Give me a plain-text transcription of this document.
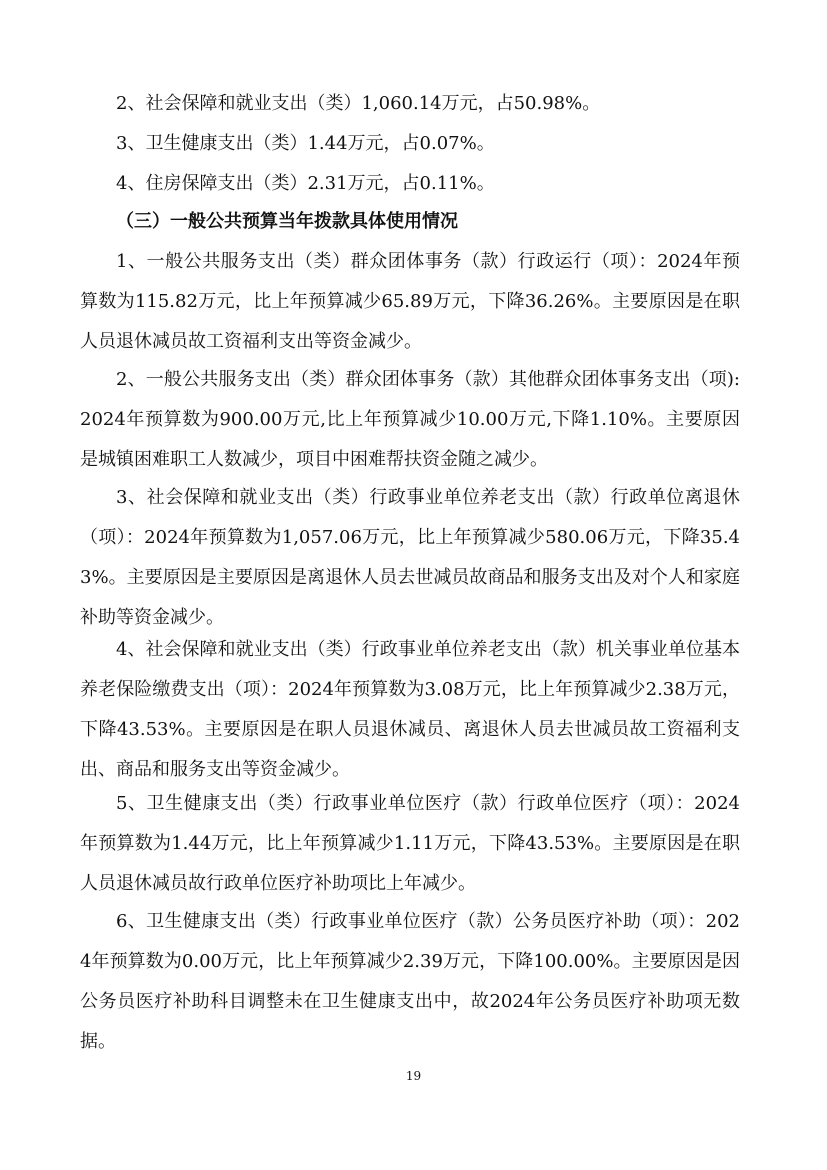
2、社会保障和就业支出（类）1,060.14万元，占50.98%。

3、卫生健康支出（类）1.44万元，占0.07%。

4、住房保障支出（类）2.31万元，占0.11%。

（三）一般公共预算当年拨款具体使用情况

1、一般公共服务支出（类）群众团体事务（款）行政运行（项）：2024年预算数为115.82万元，比上年预算减少65.89万元，下降36.26%。主要原因是在职人员退休减员故工资福利支出等资金减少。

2、一般公共服务支出（类）群众团体事务（款）其他群众团体事务支出（项):2024年预算数为900.00万元,比上年预算减少10.00万元,下降1.10%。主要原因是城镇困难职工人数减少，项目中困难帮扶资金随之减少。

3、社会保障和就业支出（类）行政事业单位养老支出（款）行政单位离退休（项）：2024年预算数为1,057.06万元，比上年预算减少580.06万元，下降35.43%。主要原因是主要原因是离退休人员去世减员故商品和服务支出及对个人和家庭补助等资金减少。

4、社会保障和就业支出（类）行政事业单位养老支出（款）机关事业单位基本养老保险缴费支出（项）：2024年预算数为3.08万元，比上年预算减少2.38万元，下降43.53%。主要原因是在职人员退休减员、离退休人员去世减员故工资福利支出、商品和服务支出等资金减少。

5、卫生健康支出（类）行政事业单位医疗（款）行政单位医疗（项）：2024年预算数为1.44万元，比上年预算减少1.11万元，下降43.53%。主要原因是在职人员退休减员故行政单位医疗补助项比上年减少。

6、卫生健康支出（类）行政事业单位医疗（款）公务员医疗补助（项）：2024年预算数为0.00万元，比上年预算减少2.39万元，下降100.00%。主要原因是因公务员医疗补助科目调整未在卫生健康支出中，故2024年公务员医疗补助项无数据。

19
